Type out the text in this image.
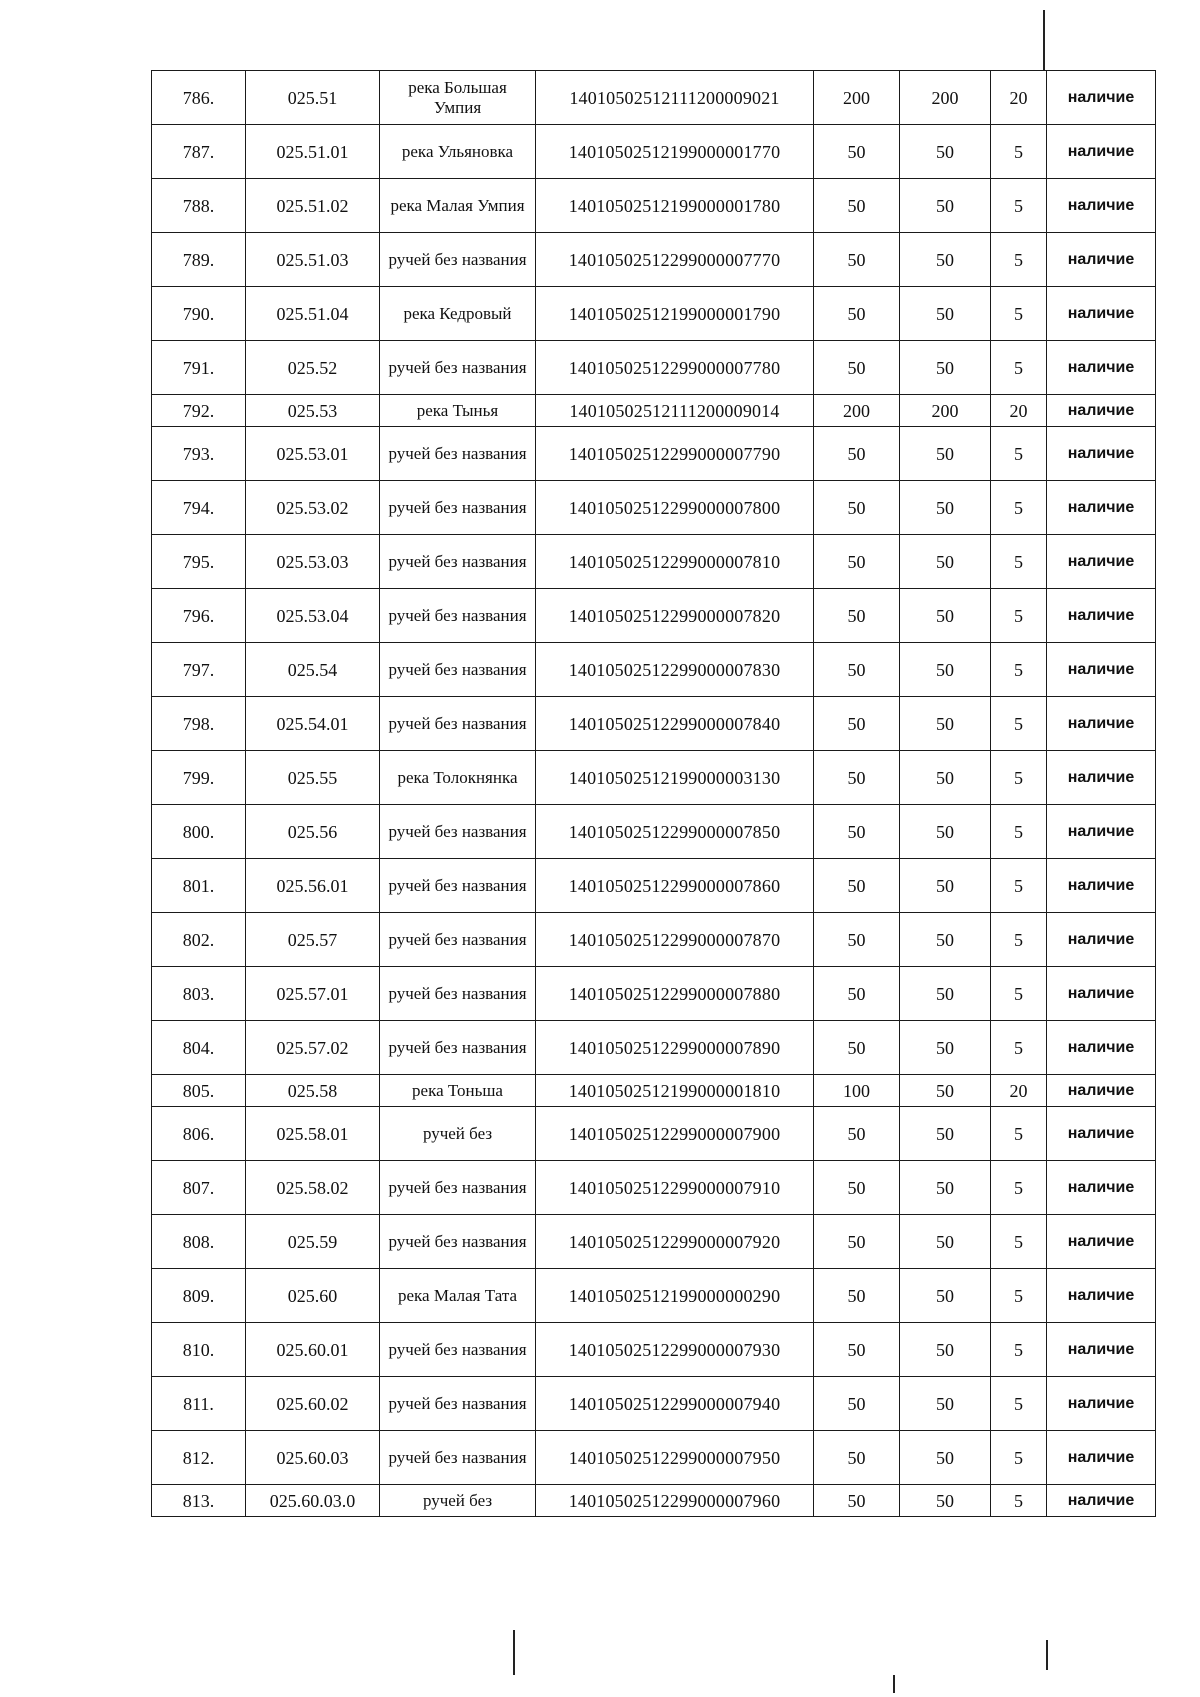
786.	025.51	река Большая Умпия	14010502512111200009021	200	200	20	наличие
787.	025.51.01	река Ульяновка	14010502512199000001770	50	50	5	наличие
788.	025.51.02	река Малая Умпия	14010502512199000001780	50	50	5	наличие
789.	025.51.03	ручей без названия	14010502512299000007770	50	50	5	наличие
790.	025.51.04	река Кедровый	14010502512199000001790	50	50	5	наличие
791.	025.52	ручей без названия	14010502512299000007780	50	50	5	наличие
792.	025.53	река Тынья	14010502512111200009014	200	200	20	наличие
793.	025.53.01	ручей без названия	14010502512299000007790	50	50	5	наличие
794.	025.53.02	ручей без названия	14010502512299000007800	50	50	5	наличие
795.	025.53.03	ручей без названия	14010502512299000007810	50	50	5	наличие
796.	025.53.04	ручей без названия	14010502512299000007820	50	50	5	наличие
797.	025.54	ручей без названия	14010502512299000007830	50	50	5	наличие
798.	025.54.01	ручей без названия	14010502512299000007840	50	50	5	наличие
799.	025.55	река Толокнянка	14010502512199000003130	50	50	5	наличие
800.	025.56	ручей без названия	14010502512299000007850	50	50	5	наличие
801.	025.56.01	ручей без названия	14010502512299000007860	50	50	5	наличие
802.	025.57	ручей без названия	14010502512299000007870	50	50	5	наличие
803.	025.57.01	ручей без названия	14010502512299000007880	50	50	5	наличие
804.	025.57.02	ручей без названия	14010502512299000007890	50	50	5	наличие
805.	025.58	река Тоньша	14010502512199000001810	100	50	20	наличие
806.	025.58.01	ручей без	14010502512299000007900	50	50	5	наличие
807.	025.58.02	ручей без названия	14010502512299000007910	50	50	5	наличие
808.	025.59	ручей без названия	14010502512299000007920	50	50	5	наличие
809.	025.60	река Малая Тата	14010502512199000000290	50	50	5	наличие
810.	025.60.01	ручей без названия	14010502512299000007930	50	50	5	наличие
811.	025.60.02	ручей без названия	14010502512299000007940	50	50	5	наличие
812.	025.60.03	ручей без названия	14010502512299000007950	50	50	5	наличие
813.	025.60.03.0	ручей без	14010502512299000007960	50	50	5	наличие
